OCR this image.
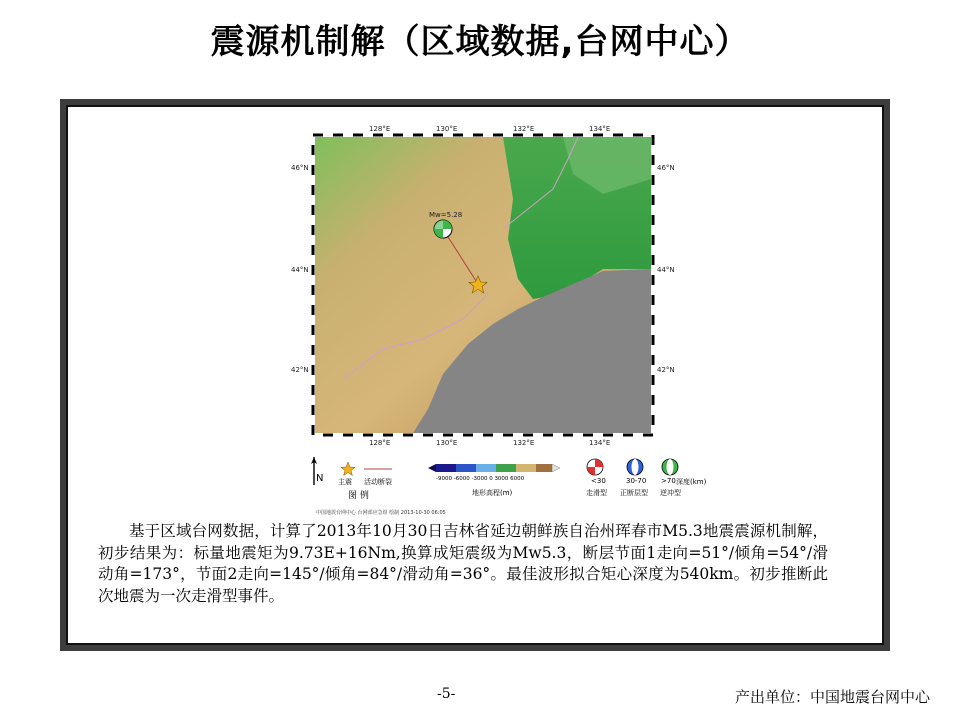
震源机制解（区域数据,台网中心）
Mw=5.28
128°E	130°E	132°E	134°E
128°E	130°E	132°E	134°E
46°N
44°N
42°N
46°N
44°N
42°N
N 主震 活动断裂
图 例
-9000 -6000 -3000 0 3000 6000
地形高程(m)
<30	30-70 >70 深度(km)
走滑型 正断层型 逆冲型
中国地震台网中心 台网部应急组 绘制 2013-10-30 06:05

基于区域台网数据，计算了2013年10月30日吉林省延边朝鲜族自治州珲春市M5.3地震震源机制解，初步结果为：标量地震矩为9.73E+16Nm,换算成矩震级为Mw5.3，断层节面1走向=51°/倾角=54°/滑动角=173°，节面2走向=145°/倾角=84°/滑动角=36°。最佳波形拟合矩心深度为540km。初步推断此次地震为一次走滑型事件。

-5-	产出单位：中国地震台网中心
